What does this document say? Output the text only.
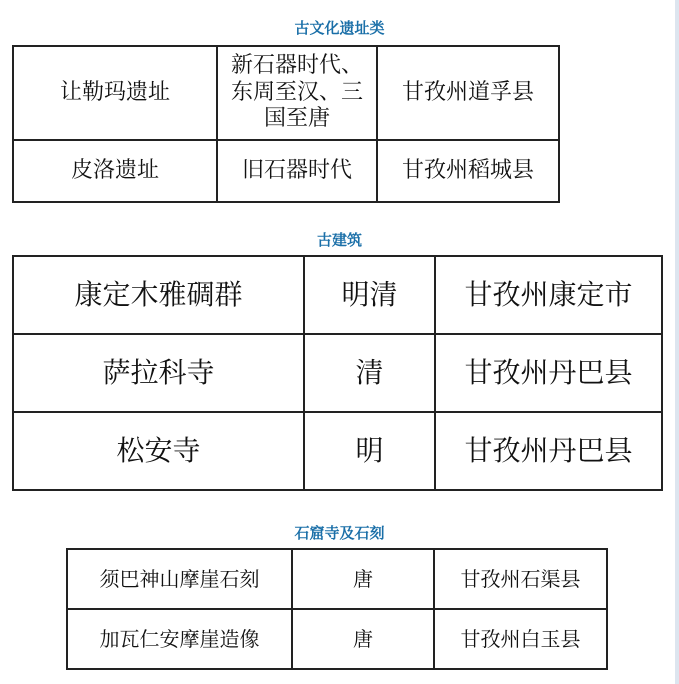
古文化遗址类
让勒玛遗址	新石器时代、东周至汉、三国至唐	甘孜州道孚县
皮洛遗址	旧石器时代	甘孜州稻城县
古建筑
康定木雅碉群	明清	甘孜州康定市
萨拉科寺	清	甘孜州丹巴县
松安寺	明	甘孜州丹巴县
石窟寺及石刻
须巴神山摩崖石刻	唐	甘孜州石渠县
加瓦仁安摩崖造像	唐	甘孜州白玉县
